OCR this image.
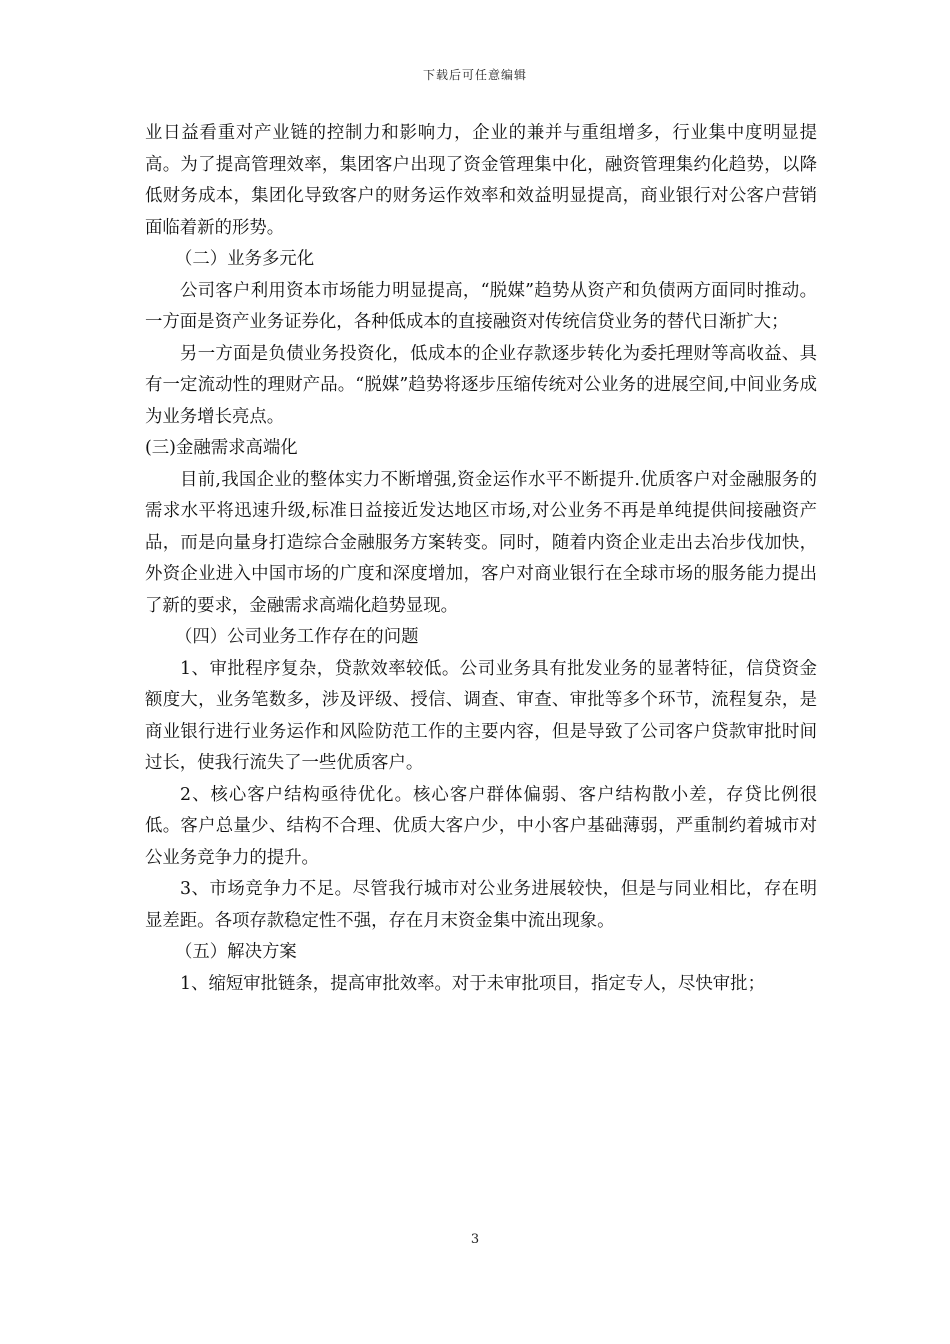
下载后可任意编辑

业日益看重对产业链的控制力和影响力，企业的兼并与重组增多，行业集中度明显提高。为了提高管理效率，集团客户出现了资金管理集中化，融资管理集约化趋势，以降低财务成本，集团化导致客户的财务运作效率和效益明显提高，商业银行对公客户营销面临着新的形势。

（二）业务多元化

公司客户利用资本市场能力明显提高，“脱媒”趋势从资产和负债两方面同时推动。一方面是资产业务证券化，各种低成本的直接融资对传统信贷业务的替代日渐扩大；

另一方面是负债业务投资化，低成本的企业存款逐步转化为委托理财等高收益、具有一定流动性的理财产品。“脱媒”趋势将逐步压缩传统对公业务的进展空间,中间业务成为业务增长亮点。

(三)金融需求高端化

目前,我国企业的整体实力不断增强,资金运作水平不断提升.优质客户对金融服务的需求水平将迅速升级,标准日益接近发达地区市场,对公业务不再是单纯提供间接融资产品，而是向量身打造综合金融服务方案转变。同时，随着内资企业走出去冶步伐加快，外资企业进入中国市场的广度和深度增加，客户对商业银行在全球市场的服务能力提出了新的要求，金融需求高端化趋势显现。

（四）公司业务工作存在的问题

1、审批程序复杂，贷款效率较低。公司业务具有批发业务的显著特征，信贷资金额度大，业务笔数多，涉及评级、授信、调查、审查、审批等多个环节，流程复杂，是商业银行进行业务运作和风险防范工作的主要内容，但是导致了公司客户贷款审批时间过长，使我行流失了一些优质客户。

2、核心客户结构亟待优化。核心客户群体偏弱、客户结构散小差，存贷比例很低。客户总量少、结构不合理、优质大客户少，中小客户基础薄弱，严重制约着城市对公业务竞争力的提升。

3、市场竞争力不足。尽管我行城市对公业务进展较快，但是与同业相比，存在明显差距。各项存款稳定性不强，存在月末资金集中流出现象。

（五）解决方案

1、缩短审批链条，提高审批效率。对于未审批项目，指定专人，尽快审批；

3
